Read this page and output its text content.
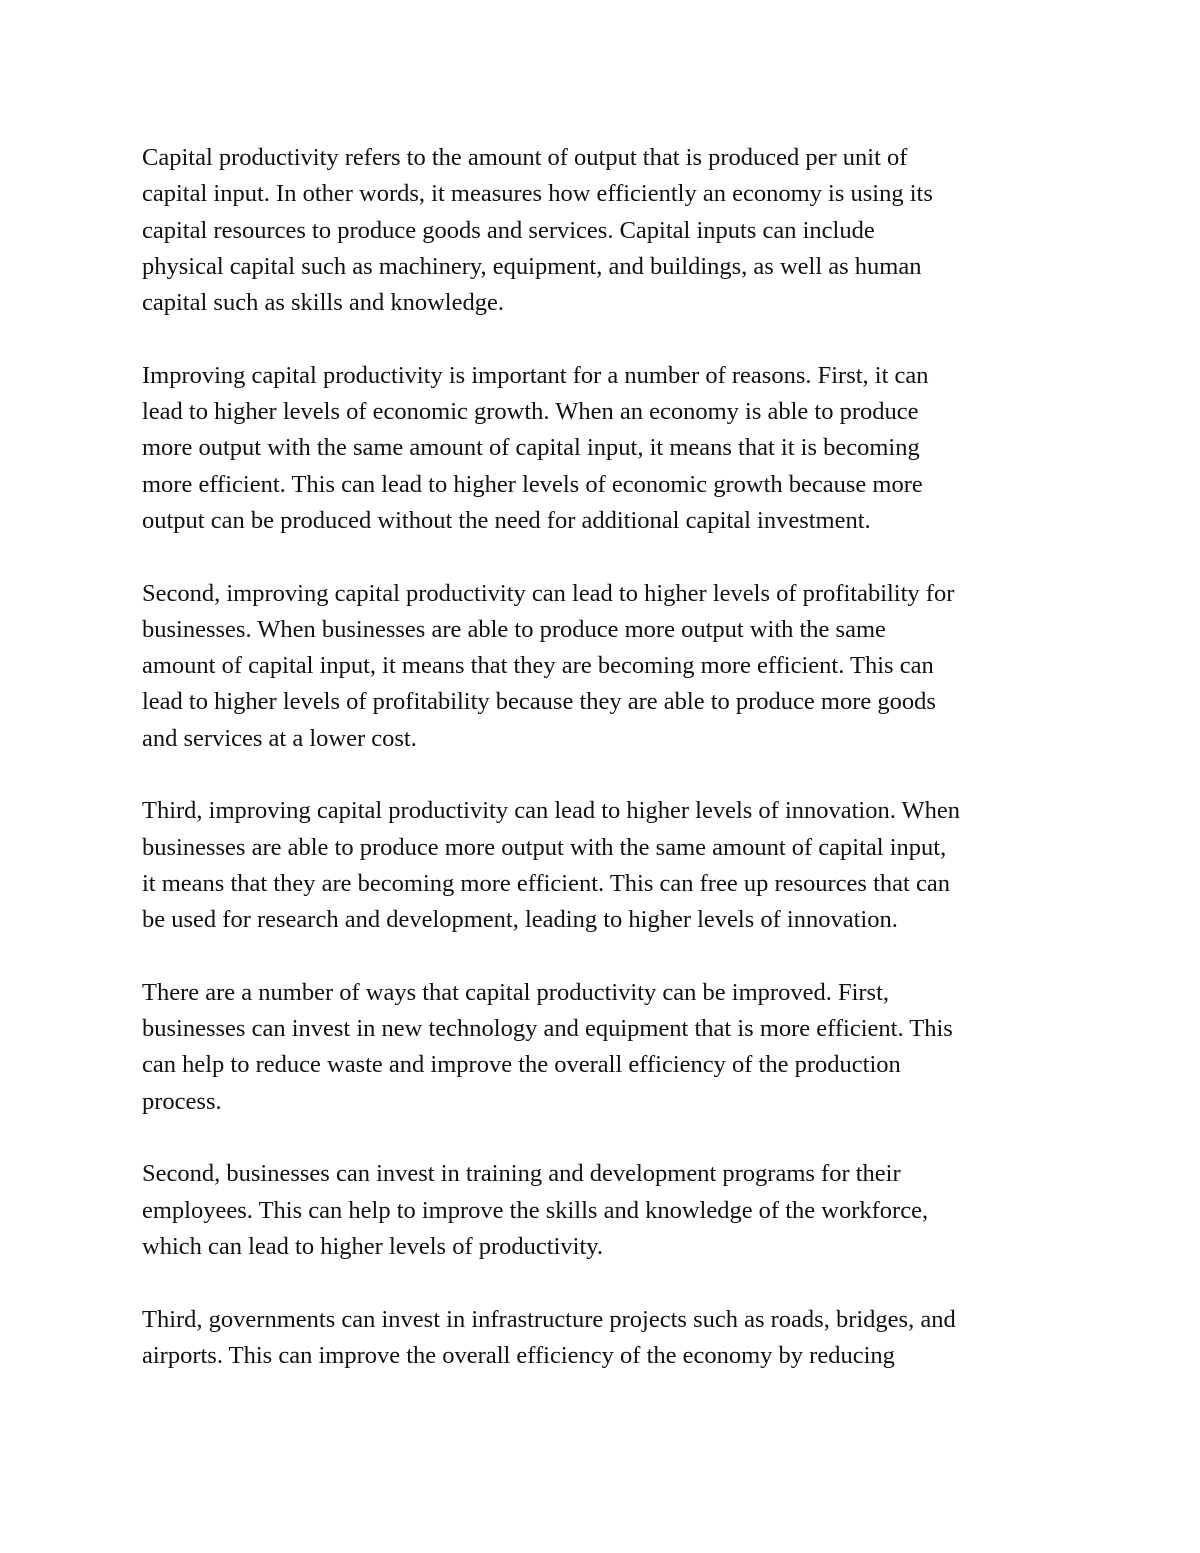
Capital productivity refers to the amount of output that is produced per unit of
capital input. In other words, it measures how efficiently an economy is using its
capital resources to produce goods and services. Capital inputs can include
physical capital such as machinery, equipment, and buildings, as well as human
capital such as skills and knowledge.

Improving capital productivity is important for a number of reasons. First, it can
lead to higher levels of economic growth. When an economy is able to produce
more output with the same amount of capital input, it means that it is becoming
more efficient. This can lead to higher levels of economic growth because more
output can be produced without the need for additional capital investment.

Second, improving capital productivity can lead to higher levels of profitability for
businesses. When businesses are able to produce more output with the same
amount of capital input, it means that they are becoming more efficient. This can
lead to higher levels of profitability because they are able to produce more goods
and services at a lower cost.

Third, improving capital productivity can lead to higher levels of innovation. When
businesses are able to produce more output with the same amount of capital input,
it means that they are becoming more efficient. This can free up resources that can
be used for research and development, leading to higher levels of innovation.

There are a number of ways that capital productivity can be improved. First,
businesses can invest in new technology and equipment that is more efficient. This
can help to reduce waste and improve the overall efficiency of the production
process.

Second, businesses can invest in training and development programs for their
employees. This can help to improve the skills and knowledge of the workforce,
which can lead to higher levels of productivity.

Third, governments can invest in infrastructure projects such as roads, bridges, and
airports. This can improve the overall efficiency of the economy by reducing
